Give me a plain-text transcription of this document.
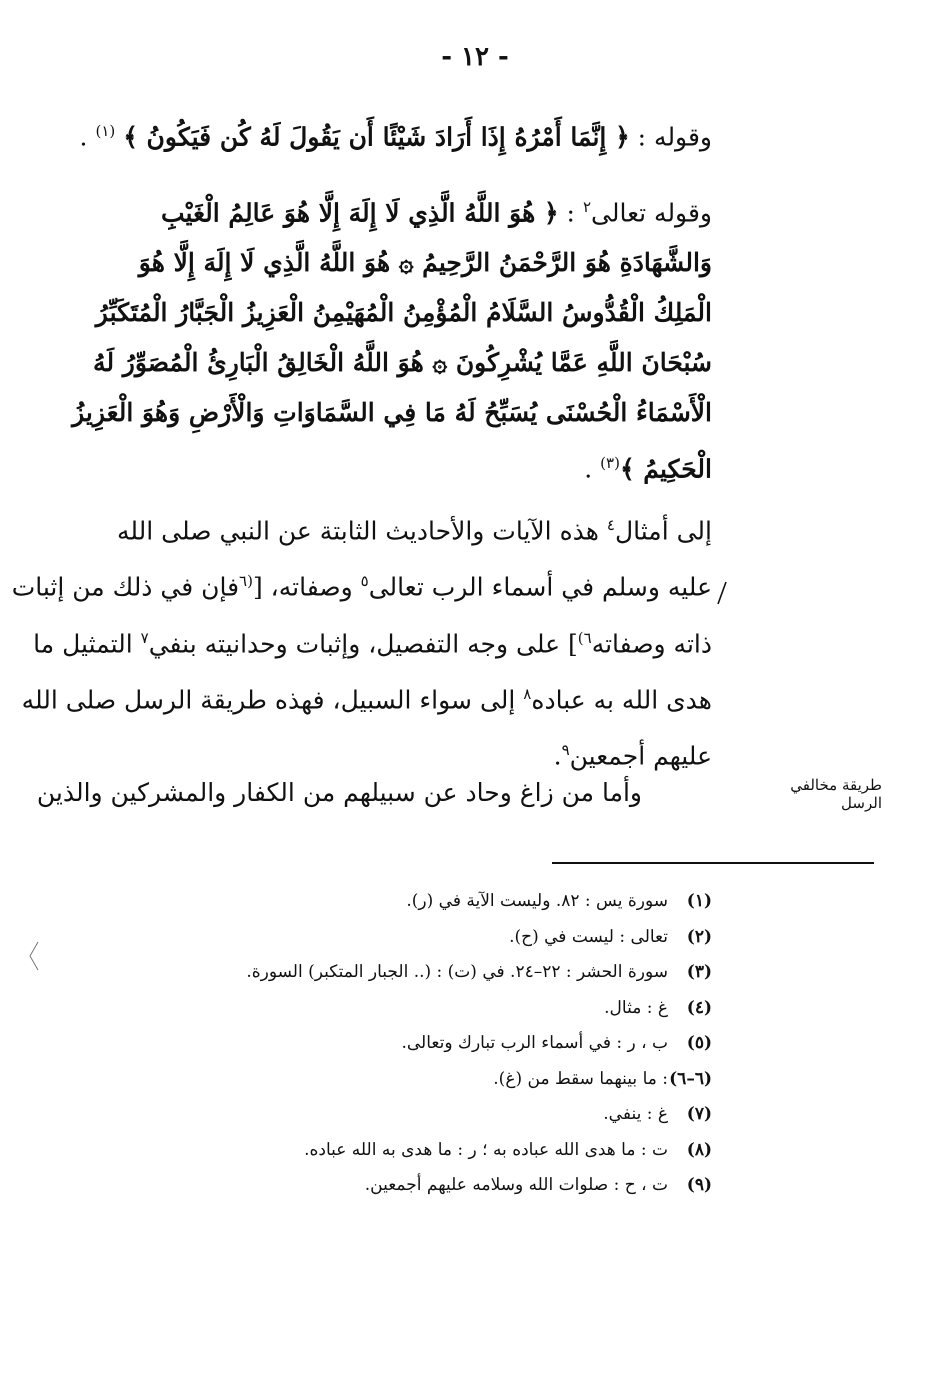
- ١٢ -
وقوله : ﴿ إِنَّمَا أَمْرُهُ إِذَا أَرَادَ شَيْئًا أَن يَقُولَ لَهُ كُن فَيَكُونُ ﴾ $^{(١)}$ .
وقوله تعالى$^٢$ : ﴿ هُوَ اللَّهُ الَّذِي لَا إِلَهَ إِلَّا هُوَ عَالِمُ الْغَيْبِ
وَالشَّهَادَةِ هُوَ الرَّحْمَنُ الرَّحِيمُ ۞ هُوَ اللَّهُ الَّذِي لَا إِلَهَ إِلَّا هُوَ
الْمَلِكُ الْقُدُّوسُ السَّلَامُ الْمُؤْمِنُ الْمُهَيْمِنُ الْعَزِيزُ الْجَبَّارُ الْمُتَكَبِّرُ
سُبْحَانَ اللَّهِ عَمَّا يُشْرِكُونَ ۞ هُوَ اللَّهُ الْخَالِقُ الْبَارِئُ الْمُصَوِّرُ لَهُ
الْأَسْمَاءُ الْحُسْنَى يُسَبِّحُ لَهُ مَا فِي السَّمَاوَاتِ وَالْأَرْضِ وَهُوَ الْعَزِيزُ
الْحَكِيمُ ﴾$^{(٣)}$ .
إلى أمثال$^٤$ هذه الآيات والأحاديث الثابتة عن النبي صلى الله
عليه وسلم في أسماء الرب تعالى$^٥$ وصفاته، [$^{(٦}$فإن في ذلك من إثبات
ذاته وصفاته$^{٦)}$] على وجه التفصيل، وإثبات وحدانيته بنفي$^٧$ التمثيل ما
هدى الله به عباده$^٨$ إلى سواء السبيل، فهذه طريقة الرسل صلى الله
عليهم أجمعين$^٩$.
وأما من زاغ وحاد عن سبيلهم من الكفار والمشركين والذين	طريقة مخالفي الرسل
(١)سورة يس : ٨٢. وليست الآية في (ر).
(٢)تعالى : ليست في (ح).
(٣)سورة الحشر : ٢٢–٢٤. في (ت) : (.. الجبار المتكبر) السورة.
(٤)غ : مثال.
(٥)ب ، ر : في أسماء الرب تبارك وتعالى.
(٦–٦): ما بينهما سقط من (غ).
(٧)غ : ينفي.
(٨)ت : ما هدى الله عباده به ؛ ر : ما هدى به الله عباده.
(٩)ت ، ح : صلوات الله وسلامه عليهم أجمعين.
